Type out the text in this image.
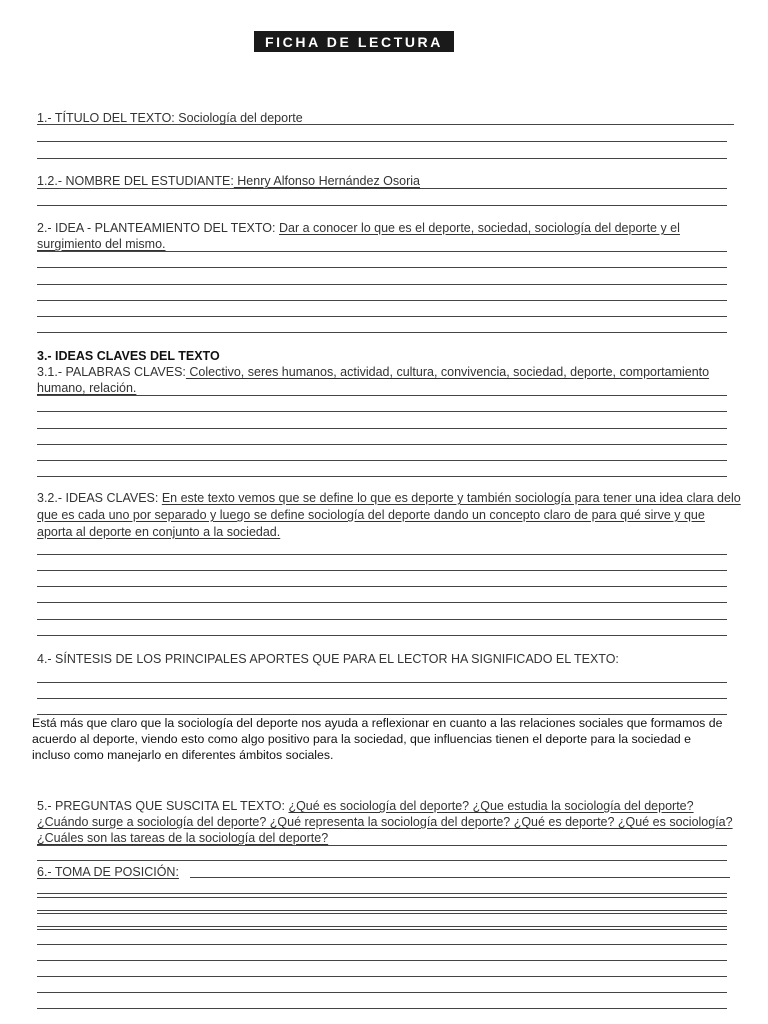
FICHA DE LECTURA
1.- TÍTULO DEL TEXTO: Sociología del deporte
1.2.- NOMBRE DEL ESTUDIANTE: Henry Alfonso Hernández Osoria
2.- IDEA - PLANTEAMIENTO DEL TEXTO: Dar a conocer lo que es el deporte, sociedad, sociología del deporte y el surgimiento del mismo.
3.- IDEAS CLAVES DEL TEXTO
3.1.- PALABRAS CLAVES: Colectivo, seres humanos, actividad, cultura, convivencia, sociedad, deporte, comportamiento humano, relación.
3.2.- IDEAS CLAVES: En este texto vemos que se define lo que es deporte y también sociología para tener una idea clara delo que es cada uno por separado y luego se define sociología del deporte dando un concepto claro de para qué sirve y que aporta al deporte en conjunto a la sociedad.
4.- SÍNTESIS DE LOS PRINCIPALES APORTES QUE PARA EL LECTOR HA SIGNIFICADO EL TEXTO:
Está más que claro que la sociología del deporte nos ayuda a reflexionar en cuanto a las relaciones sociales que formamos de acuerdo al deporte, viendo esto como algo positivo para la sociedad, que influencias tienen el deporte para la sociedad e incluso como manejarlo en diferentes ámbitos sociales.
5.- PREGUNTAS QUE SUSCITA EL TEXTO: ¿Qué es sociología del deporte? ¿Que estudia la sociología del deporte? ¿Cuándo surge a sociología del deporte? ¿Qué representa la sociología del deporte? ¿Qué es deporte? ¿Qué es sociología? ¿Cuáles son las tareas de la sociología del deporte?
6.- TOMA DE POSICIÓN:
